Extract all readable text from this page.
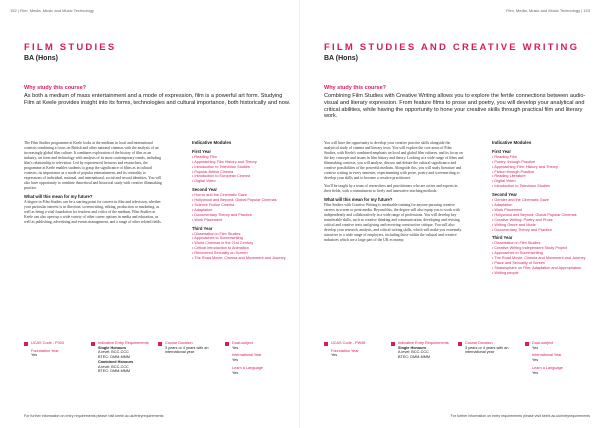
152 | Film, Media, Music and Music Technology
FILM STUDIES
BA (Hons)
Why study this course?
As both a medium of mass entertainment and a mode of expression, film is a powerful art form. Studying Film at Keele provides insight into its forms, technologies and cultural importance, both historically and now.

The Film Studies programme at Keele looks at the medium in local and international contexts combining a focus on British and other national cinemas with the analysis of an increasingly global film culture. It combines exploration of the history of film as an industry, art form and technology with analysis of its most contemporary trends, including film's relationship to television. Led by experienced lecturers and researchers, the programme at Keele enables students to grasp the significance of films as in cultural contexts, its importance as a mode of popular entertainment, and its centrality to expressions of individual, national, and international, social and sexual identities. You will also have opportunity to combine theoretical and historical study with creative filmmaking practice.

What will this mean for my future?

A degree in Film Studies can be a starting point for careers in film and television, whether your particular interest is in direction, screenwriting, editing, production or marketing, as well as being a vital foundation for teachers and critics of the medium. Film Studies at Keele can also open up a wide variety of other career options in media and education, as well as publishing, advertising and events management, and a range of other related fields.

Indicative Modules
First Year
• Reading Film
• Approaching Film History and Theory
• Introduction to Television Studies
• Popular British Cinema
• Introduction to European Cinema
• Digital Video
Second Year
• Horror and the Cinematic Gaze
• Hollywood and Beyond: Global Popular Cinemas
• Science Fiction Cinema
• Adaptation
• Documentary Theory and Practice
• Work Placement
Third Year
• Dissertation in Film Studies
• Approaches to Screenwriting
• World Cinemas in the 21st Century
• Critical Introduction to Animation
• Recovered Sexuality on Screen
• The Road Movie: Cinema and Movement and Journey
UCAS Code - P303
Foundation Year
Yes
Indicative Entry Requirements
Single Honours
A level: BCC-CCC
BTEC: DMM-MMM
Combined Honours
A level: BCC-CCC
BTEC: DMM-MMM
Course Duration
3 years or 4 years with an international year
Dual-subject
Yes
International Year
Yes
Learn a Language
Yes
For further information on entry requirements please visit keele.ac.uk/entryrequirements
Film, Media, Music and Music Technology | 153
FILM STUDIES AND CREATIVE WRITING
BA (Hons)
Why study this course?
Combining Film Studies with Creative Writing allows you to explore the fertile connections between audio-visual and literary expression. From feature films to prose and poetry, you will develop your analytical and critical abilities, while having the opportunity to hone your creative skills through practical film and literary work.

You will have the opportunity to develop your creative practice skills alongside the analytical study of cinema and literary texts. You will explore the core areas of Film Studies, with Keele's combined emphasis on local and global film cultures, and its focus on the key concepts and issues in film history and theory. Looking at a wide range of films and filmmaking contexts, you will analyse, discuss and debate the cultural significance and creative possibilities of the powerful medium. Alongside this, you will study literature and creative writing in every semester, experimenting with prose, poetry and screenwriting to develop your skills and to become a creative practitioner.

You'll be taught by a team of researchers and practitioners who are active and experts in their fields, with a commitment to lively and innovative teaching methods.

What will this mean for my future?

Film Studies with Creative Writing is invaluable training for anyone pursuing creative careers in screen or print media. Beyond this, the degree will also equip you to work with independently and collaboratively in a wide range of professions. You will develop key transferable skills, such as creative thinking and communication, developing and revising critical and creative texts and giving and receiving constructive critique. You will also develop your research, analysis, and critical writing skills, which will make you extremely attractive to a wide range of employers, including those within the cultural and creative industries which are a large part of the UK economy.

Indicative Modules
First Year
• Reading Film
• Poetry: through Practice
• Approaching Film: History and Theory
• Fiction through Practice
• Reading Literature
• Digital Video
• Introduction to Television Studies
Second Year
• Gender and the Cinematic Gaze
• Adaptation
• Work Placement
• Hollywood and Beyond: Global Popular Cinemas
• Creative Writing: Poetry and Prose
• Writing Genre and Mode
• Documentary Theory and Practice
Third Year
• Dissertation in Film Studies
• Creative Writing Independent Study Project
• Approaches to Screenwriting
• The Road Movie: Cinema and Movement and Journey
• Place and Sexuality of Screen
• Shakespeare on Film: Adaptation and Appropriation
• Writing people
UCAS Code - PW38
Foundation Year
Yes
Indicative Entry Requirements
Single Honours
A level: BCC-CCC
BTEC: DMM-MMM
Course Duration
3 years or 4 years with an international year
Dual-subject
Yes
International Year
Yes
Learn a Language
Yes
For further information on entry requirements please visit keele.ac.uk/entryrequirements
